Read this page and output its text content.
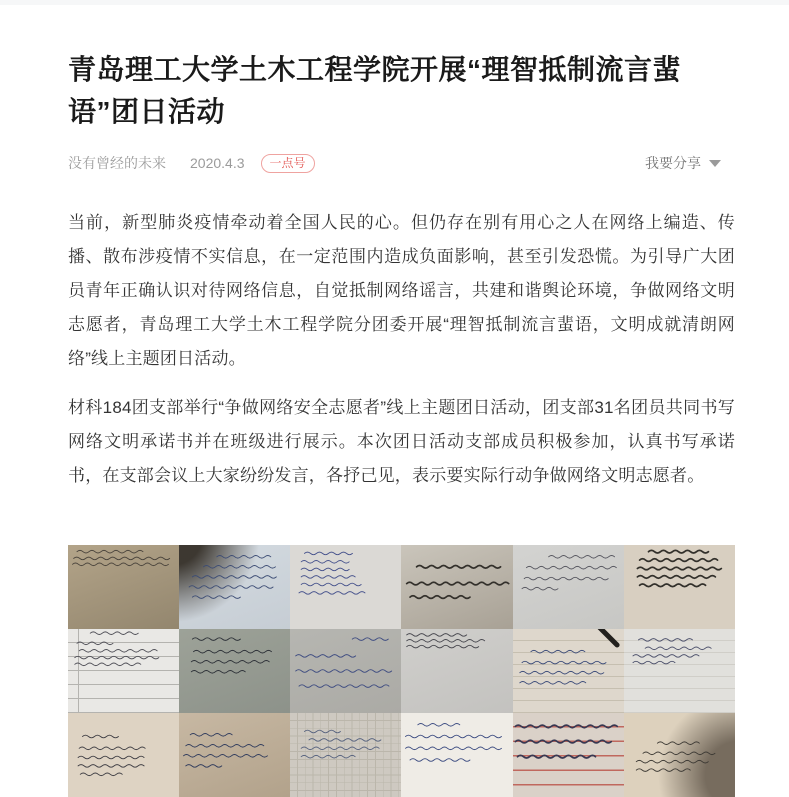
青岛理工大学土木工程学院开展“理智抵制流言蜚语”团日活动
没有曾经的未来 2020.4.3	一点号	我要分享

当前，新型肺炎疫情牵动着全国人民的心。但仍存在别有用心之人在网络上编造、传播、散布涉疫情不实信息，在一定范围内造成负面影响，甚至引发恐慌。为引导广大团员青年正确认识对待网络信息，自觉抵制网络谣言，共建和谐舆论环境，争做网络文明志愿者，青岛理工大学土木工程学院分团委开展“理智抵制流言蜚语，文明成就清朗网络”线上主题团日活动。

材科184团支部举行“争做网络安全志愿者”线上主题团日活动，团支部31名团员共同书写网络文明承诺书并在班级进行展示。本次团日活动支部成员积极参加，认真书写承诺书，在支部会议上大家纷纷发言，各抒己见，表示要实际行动争做网络文明志愿者。
